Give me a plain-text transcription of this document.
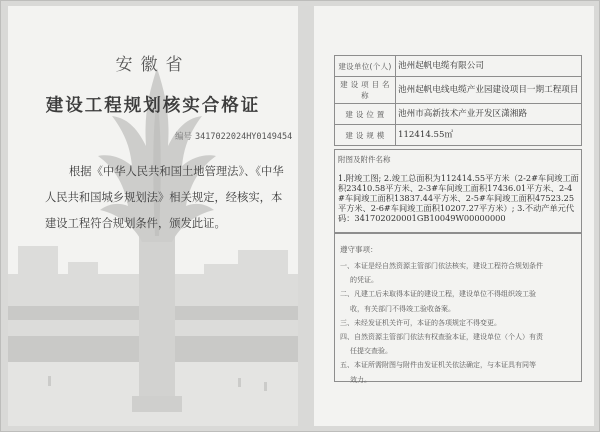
安徽省
建设工程规划核实合格证
编号 3417022024HY0149454

根据《中华人民共和国土地管理法》、《中华人民共和国城乡规划法》相关规定，经核实，本建设工程符合规划条件，颁发此证。

建设单位(个人)	池州起帆电缆有限公司
建 设 项 目 名 称	池州起帆电线电缆产业园建设项目一期工程项目
建 设 位 置	池州市高新技术产业开发区潇湘路
建 设 规 模	112414.55㎡
附图及附件名称
1.附竣工图; 2.竣工总面积为112414.55平方米（2-2#车间竣工面积23410.58平方米、2-3#车间竣工面积17436.01平方米、2-4#车间竣工面积13837.44平方米、2-5#车间竣工面积47523.25平方米、2-6#车间竣工面积10207.27平方米）; 3.不动产单元代码：341702020001GB10049W00000000
遵守事项：
一、本证是经自然资源主管部门依法核实，建设工程符合规划条件
的凭证。
二、凡建工后未取得本证的建设工程，建设单位不得组织竣工验
收，有关部门不得竣工验收备案。
三、未经发证机关许可，本证的各项规定不得变更。
四、自然资源主管部门依法有权查验本证，建设单位（个人）有责
任提交查验。
五、本证所需附图与附件由发证机关依法确定，与本证具有同等
效力。
